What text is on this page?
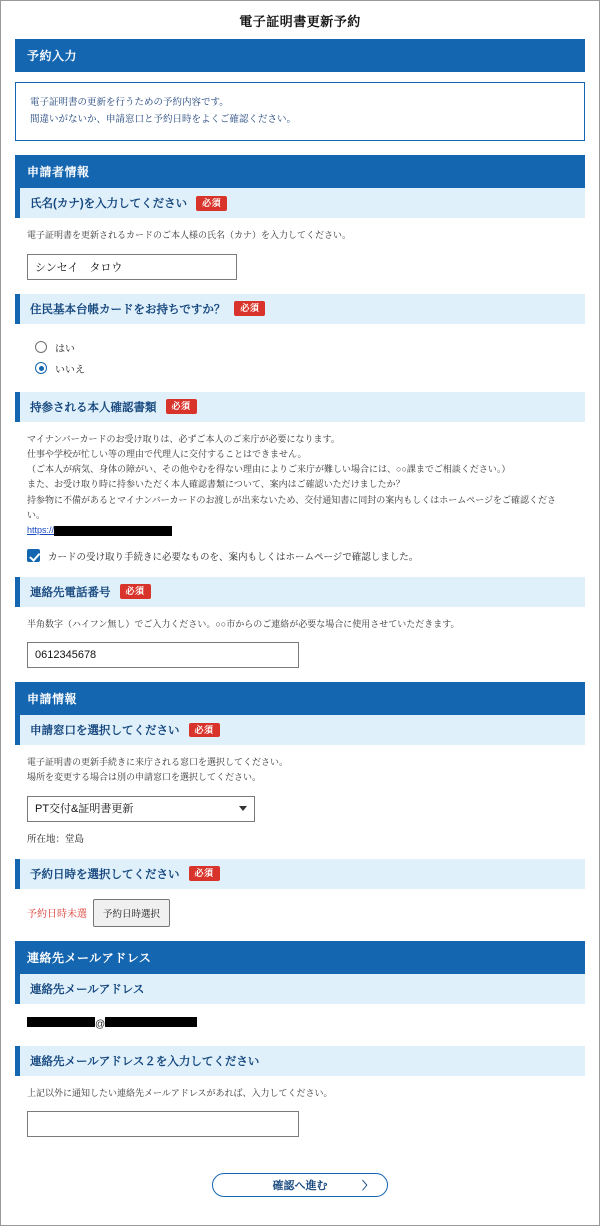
電子証明書更新予約
予約入力
電子証明書の更新を行うための予約内容です。
間違いがないか、申請窓口と予約日時をよくご確認ください。
申請者情報
氏名(カナ)を入力してください	必須
電子証明書を更新されるカードのご本人様の氏名（カナ）を入力してください。
シンセイ　タロウ
住民基本台帳カードをお持ちですか？	必須
はい
いいえ
持参される本人確認書類	必須
マイナンバーカードのお受け取りは、必ずご本人のご来庁が必要になります。
仕事や学校が忙しい等の理由で代理人に交付することはできません。
（ご本人が病気、身体の障がい、その他やむを得ない理由によりご来庁が難しい場合には、○○課までご相談ください。）
また、お受け取り時に持参いただく本人確認書類について、案内はご確認いただけましたか？
持参物に不備があるとマイナンバーカードのお渡しが出来ないため、交付通知書に同封の案内もしくはホームページをご確認ください。
https://
カードの受け取り手続きに必要なものを、案内もしくはホームページで確認しました。
連絡先電話番号	必須
半角数字（ハイフン無し）でご入力ください。○○市からのご連絡が必要な場合に使用させていただきます。
0612345678
申請情報
申請窓口を選択してください	必須
電子証明書の更新手続きに来庁される窓口を選択してください。
場所を変更する場合は別の申請窓口を選択してください。
PT交付&証明書更新
所在地：堂島
予約日時を選択してください	必須
予約日時未選	予約日時選択
連絡先メールアドレス
連絡先メールアドレス
@
連絡先メールアドレス２を入力してください
上記以外に通知したい連絡先メールアドレスがあれば、入力してください。
確認へ進む	〉
